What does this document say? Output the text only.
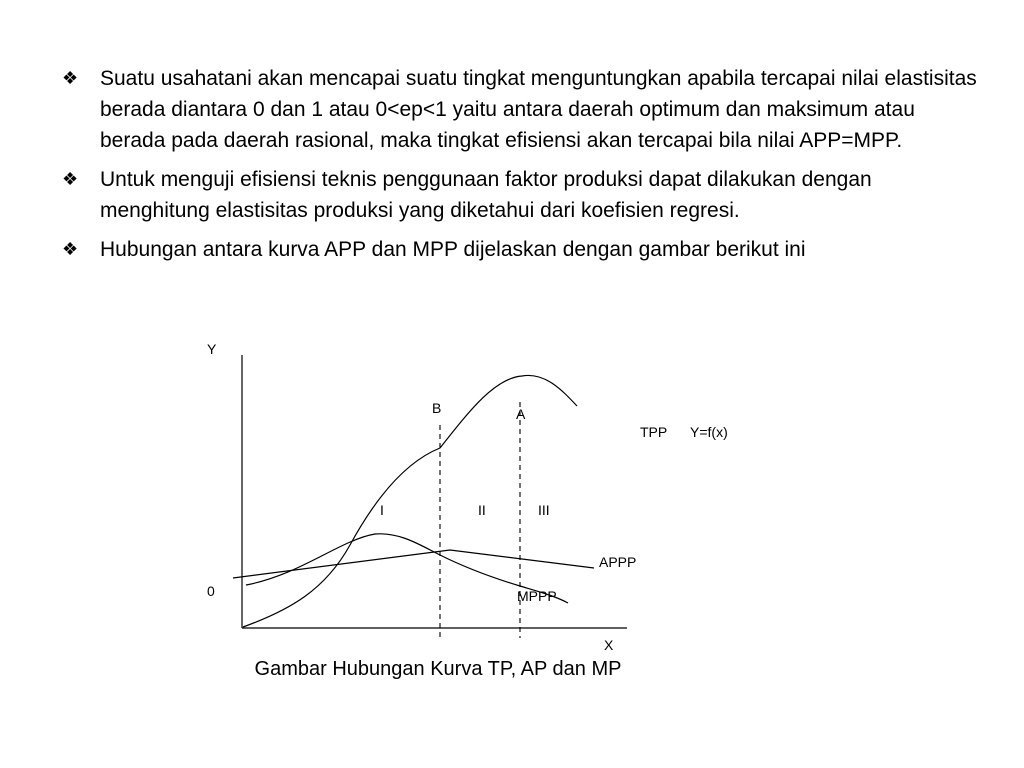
❖ Suatu usahatani akan mencapai suatu tingkat menguntungkan apabila tercapai nilai elastisitas berada diantara 0 dan 1 atau 0<ep<1 yaitu antara daerah optimum dan maksimum atau berada pada daerah rasional, maka tingkat efisiensi akan tercapai bila nilai APP=MPP.
❖ Untuk menguji efisiensi teknis penggunaan faktor produksi dapat dilakukan dengan menghitung elastisitas produksi yang diketahui dari koefisien regresi.
❖ Hubungan antara kurva APP dan MPP dijelaskan dengan gambar berikut ini
Y
X
0
B	A
TPP Y=f(x)
I	II	III
APPP
MPPP
Gambar Hubungan Kurva TP, AP dan MP
